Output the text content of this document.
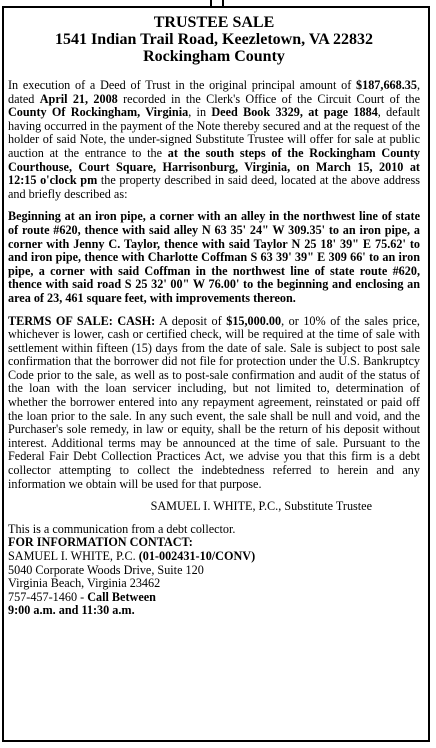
TRUSTEE SALE
1541 Indian Trail Road, Keezletown, VA 22832
Rockingham County

In execution of a Deed of Trust in the original principal amount of $187,668.35, dated April 21, 2008 recorded in the Clerk's Office of the Circuit Court of the County Of Rockingham, Virginia, in Deed Book 3329, at page 1884, default having occurred in the payment of the Note thereby secured and at the request of the holder of said Note, the under-signed Substitute Trustee will offer for sale at public auction at the entrance to the at the south steps of the Rockingham County Courthouse, Court Square, Harrisonburg, Virginia, on March 15, 2010 at 12:15 o'clock pm the property described in said deed, located at the above address and briefly described as:

Beginning at an iron pipe, a corner with an alley in the northwest line of state of route #620, thence with said alley N 63 35' 24" W 309.35' to an iron pipe, a corner with Jenny C. Taylor, thence with said Taylor N 25 18' 39" E 75.62' to and iron pipe, thence with Charlotte Coffman S 63 39' 39" E 309 66' to an iron pipe, a corner with said Coffman in the northwest line of state route #620, thence with said road S 25 32' 00" W 76.00' to the beginning and enclosing an area of 23, 461 square feet, with improvements thereon.

TERMS OF SALE: CASH: A deposit of $15,000.00, or 10% of the sales price, whichever is lower, cash or certified check, will be required at the time of sale with settlement within fifteen (15) days from the date of sale. Sale is subject to post sale confirmation that the borrower did not file for protection under the U.S. Bankruptcy Code prior to the sale, as well as to post-sale confirmation and audit of the status of the loan with the loan servicer including, but not limited to, determination of whether the borrower entered into any repayment agreement, reinstated or paid off the loan prior to the sale. In any such event, the sale shall be null and void, and the Purchaser's sole remedy, in law or equity, shall be the return of his deposit without interest. Additional terms may be announced at the time of sale. Pursuant to the Federal Fair Debt Collection Practices Act, we advise you that this firm is a debt collector attempting to collect the indebtedness referred to herein and any information we obtain will be used for that purpose.

SAMUEL I. WHITE, P.C., Substitute Trustee

This is a communication from a debt collector.

FOR INFORMATION CONTACT:

SAMUEL I. WHITE, P.C. (01-002431-10/CONV)

5040 Corporate Woods Drive, Suite 120

Virginia Beach, Virginia 23462

757-457-1460 - Call Between

9:00 a.m. and 11:30 a.m.
